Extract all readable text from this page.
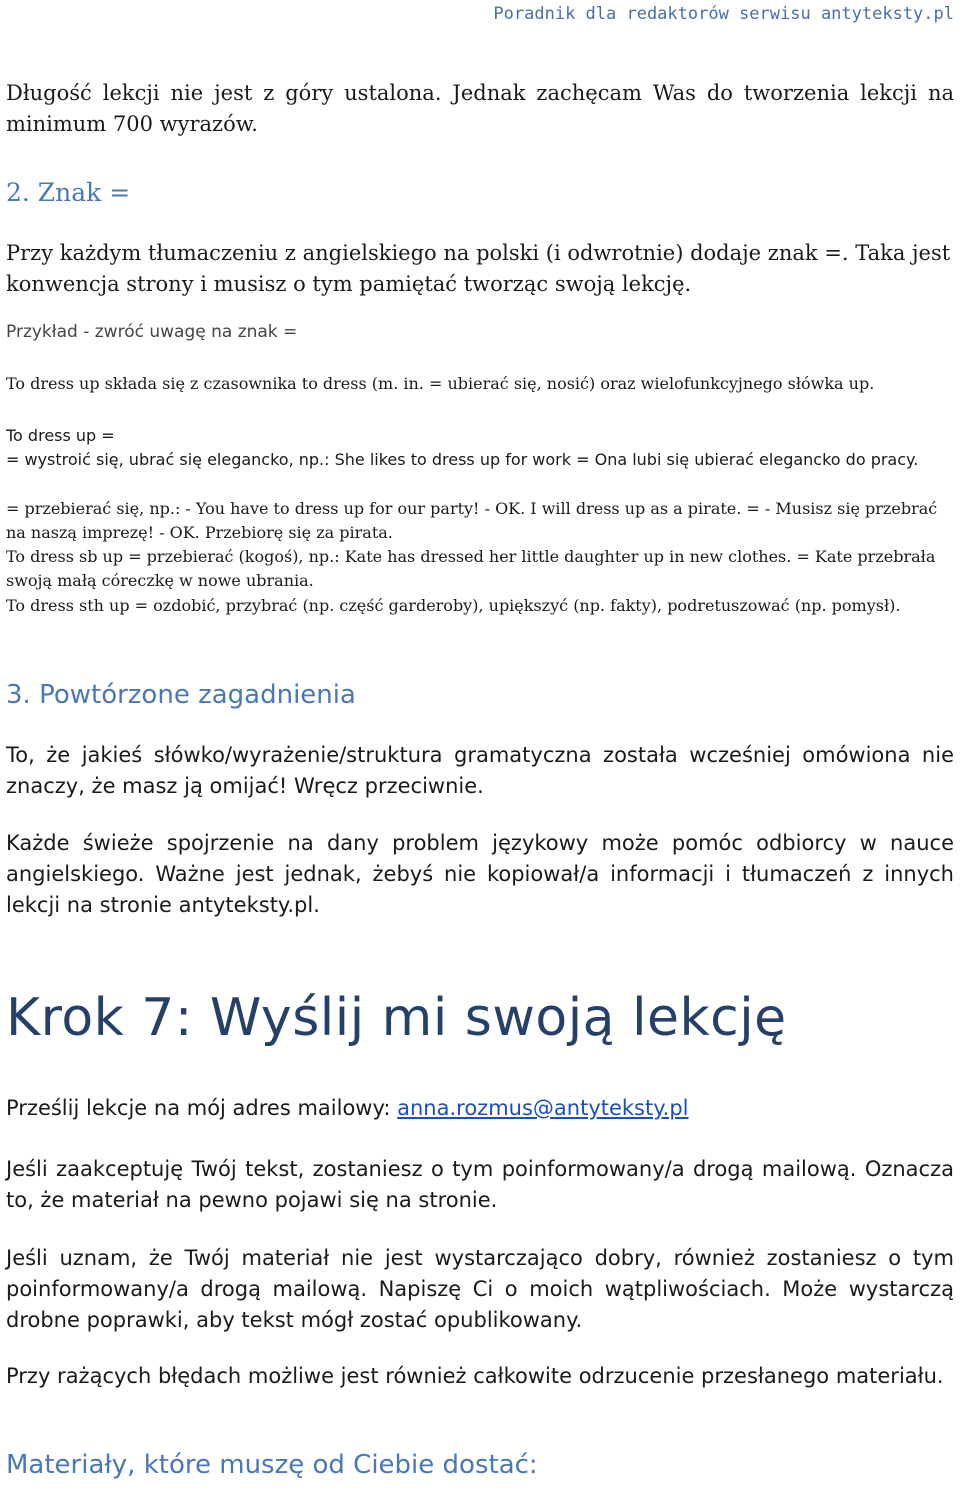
Poradnik dla redaktorów serwisu antyteksty.pl

Długość lekcji nie jest z góry ustalona. Jednak zachęcam Was do tworzenia lekcji na minimum 700 wyrazów.

2. Znak =

Przy każdym tłumaczeniu z angielskiego na polski (i odwrotnie) dodaje znak =. Taka jest konwencja strony i musisz o tym pamiętać tworząc swoją lekcję.

Przykład - zwróć uwagę na znak =

To dress up składa się z czasownika to dress (m. in. = ubierać się, nosić) oraz wielofunkcyjnego słówka up.

To dress up =

= wystroić się, ubrać się elegancko, np.: She likes to dress up for work = Ona lubi się ubierać elegancko do pracy.

= przebierać się, np.: - You have to dress up for our party! - OK. I will dress up as a pirate. = - Musisz się przebrać na naszą imprezę! - OK. Przebiorę się za pirata.

To dress sb up = przebierać (kogoś), np.: Kate has dressed her little daughter up in new clothes. = Kate przebrała swoją małą córeczkę w nowe ubrania.

To dress sth up = ozdobić, przybrać (np. część garderoby), upiększyć (np. fakty), podretuszować (np. pomysł).

3. Powtórzone zagadnienia

To, że jakieś słówko/wyrażenie/struktura gramatyczna została wcześniej omówiona nie znaczy, że masz ją omijać! Wręcz przeciwnie.

Każde świeże spojrzenie na dany problem językowy może pomóc odbiorcy w nauce angielskiego. Ważne jest jednak, żebyś nie kopiował/a informacji i tłumaczeń z innych lekcji na stronie antyteksty.pl.

Krok 7: Wyślij mi swoją lekcję

Prześlij lekcje na mój adres mailowy: anna.rozmus@antyteksty.pl

Jeśli zaakceptuję Twój tekst, zostaniesz o tym poinformowany/a drogą mailową. Oznacza to, że materiał na pewno pojawi się na stronie.

Jeśli uznam, że Twój materiał nie jest wystarczająco dobry, również zostaniesz o tym poinformowany/a drogą mailową. Napiszę Ci o moich wątpliwościach. Może wystarczą drobne poprawki, aby tekst mógł zostać opublikowany.

Przy rażących błędach możliwe jest również całkowite odrzucenie przesłanego materiału.

Materiały, które muszę od Ciebie dostać:
